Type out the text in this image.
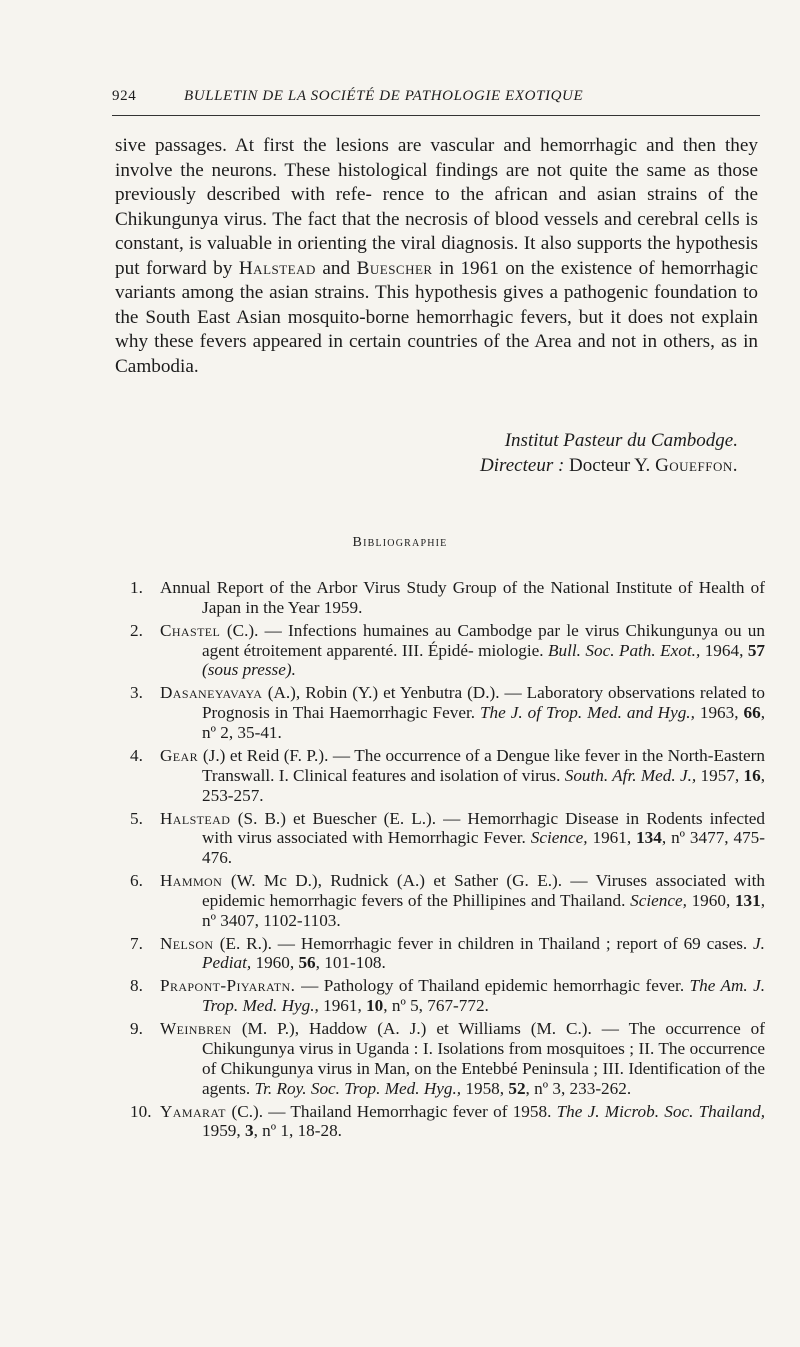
924	BULLETIN DE LA SOCIÉTÉ DE PATHOLOGIE EXOTIQUE
sive passages. At first the lesions are vascular and hemorrhagic and then they involve the neurons. These histological findings are not quite the same as those previously described with refe- rence to the african and asian strains of the Chikungunya virus. The fact that the necrosis of blood vessels and cerebral cells is constant, is valuable in orienting the viral diagnosis. It also supports the hypothesis put forward by Halstead and Buescher in 1961 on the existence of hemorrhagic variants among the asian strains. This hypothesis gives a pathogenic foundation to the South East Asian mosquito-borne hemorrhagic fevers, but it does not explain why these fevers appeared in certain countries of the Area and not in others, as in Cambodia.
Institut Pasteur du Cambodge.
Directeur : Docteur Y. Goueffon.
Bibliographie
1. Annual Report of the Arbor Virus Study Group of the National Institute of Health of Japan in the Year 1959.
2. Chastel (C.). — Infections humaines au Cambodge par le virus Chikungunya ou un agent étroitement apparenté. III. Épidé- miologie. Bull. Soc. Path. Exot., 1964, 57 (sous presse).
3. Dasaneyavaya (A.), Robin (Y.) et Yenbutra (D.). — Laboratory observations related to Prognosis in Thai Haemorrhagic Fever. The J. of Trop. Med. and Hyg., 1963, 66, nº 2, 35-41.
4. Gear (J.) et Reid (F. P.). — The occurrence of a Dengue like fever in the North-Eastern Transwall. I. Clinical features and isolation of virus. South. Afr. Med. J., 1957, 16, 253-257.
5. Halstead (S. B.) et Buescher (E. L.). — Hemorrhagic Disease in Rodents infected with virus associated with Hemorrhagic Fever. Science, 1961, 134, nº 3477, 475-476.
6. Hammon (W. Mc D.), Rudnick (A.) et Sather (G. E.). — Viruses associated with epidemic hemorrhagic fevers of the Phillipines and Thailand. Science, 1960, 131, nº 3407, 1102-1103.
7. Nelson (E. R.). — Hemorrhagic fever in children in Thailand ; report of 69 cases. J. Pediat, 1960, 56, 101-108.
8. Prapont-Piyaratn. — Pathology of Thailand epidemic hemorrhagic fever. The Am. J. Trop. Med. Hyg., 1961, 10, nº 5, 767-772.
9. Weinbren (M. P.), Haddow (A. J.) et Williams (M. C.). — The occurrence of Chikungunya virus in Uganda : I. Isolations from mosquitoes ; II. The occurrence of Chikungunya virus in Man, on the Entebbé Peninsula ; III. Identification of the agents. Tr. Roy. Soc. Trop. Med. Hyg., 1958, 52, nº 3, 233-262.
10. Yamarat (C.). — Thailand Hemorrhagic fever of 1958. The J. Microb. Soc. Thailand, 1959, 3, nº 1, 18-28.
